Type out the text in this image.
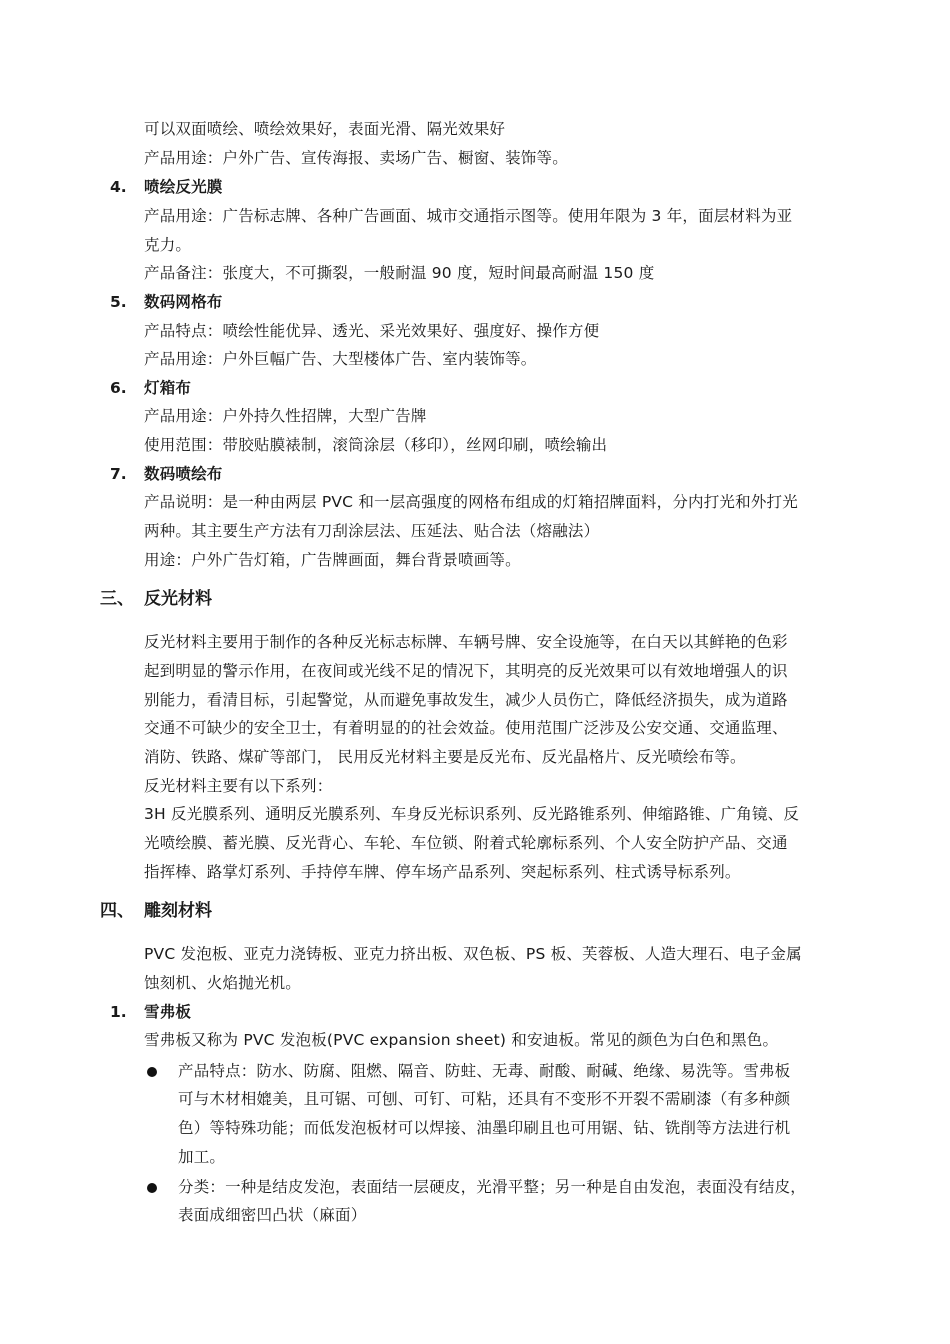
可以双面喷绘、喷绘效果好，表面光滑、隔光效果好
产品用途：户外广告、宣传海报、卖场广告、橱窗、装饰等。
4. 喷绘反光膜
产品用途：广告标志牌、各种广告画面、城市交通指示图等。使用年限为 3 年，面层材料为亚
克力。
产品备注：张度大，不可撕裂，一般耐温 90 度，短时间最高耐温 150 度
5. 数码网格布
产品特点：喷绘性能优异、透光、采光效果好、强度好、操作方便
产品用途：户外巨幅广告、大型楼体广告、室内装饰等。
6. 灯箱布
产品用途：户外持久性招牌，大型广告牌
使用范围：带胶贴膜裱制，滚筒涂层（移印），丝网印刷，喷绘输出
7. 数码喷绘布
产品说明：是一种由两层 PVC 和一层高强度的网格布组成的灯箱招牌面料，分内打光和外打光
两种。其主要生产方法有刀刮涂层法、压延法、贴合法（熔融法）
用途：户外广告灯箱，广告牌画面，舞台背景喷画等。
三、 反光材料
反光材料主要用于制作的各种反光标志标牌、车辆号牌、安全设施等，在白天以其鲜艳的色彩
起到明显的警示作用，在夜间或光线不足的情况下，其明亮的反光效果可以有效地增强人的识
别能力，看清目标，引起警觉，从而避免事故发生，减少人员伤亡，降低经济损失，成为道路
交通不可缺少的安全卫士，有着明显的的社会效益。使用范围广泛涉及公安交通、交通监理、
消防、铁路、煤矿等部门， 民用反光材料主要是反光布、反光晶格片、反光喷绘布等。
反光材料主要有以下系列：
3H 反光膜系列、通明反光膜系列、车身反光标识系列、反光路锥系列、伸缩路锥、广角镜、反
光喷绘膜、蓄光膜、反光背心、车轮、车位锁、附着式轮廓标系列、个人安全防护产品、交通
指挥棒、路掌灯系列、手持停车牌、停车场产品系列、突起标系列、柱式诱导标系列。
四、 雕刻材料
PVC 发泡板、亚克力浇铸板、亚克力挤出板、双色板、PS 板、芙蓉板、人造大理石、电子金属
蚀刻机、火焰抛光机。
1. 雪弗板
雪弗板又称为 PVC 发泡板(PVC expansion sheet) 和安迪板。常见的颜色为白色和黑色。
产品特点：防水、防腐、阻燃、隔音、防蛀、无毒、耐酸、耐碱、绝缘、易洗等。雪弗板
可与木材相媲美，且可锯、可刨、可钉、可粘，还具有不变形不开裂不需刷漆（有多种颜
色）等特殊功能；而低发泡板材可以焊接、油墨印刷且也可用锯、钻、铣削等方法进行机
加工。
分类：一种是结皮发泡，表面结一层硬皮，光滑平整；另一种是自由发泡，表面没有结皮，
表面成细密凹凸状（麻面）
